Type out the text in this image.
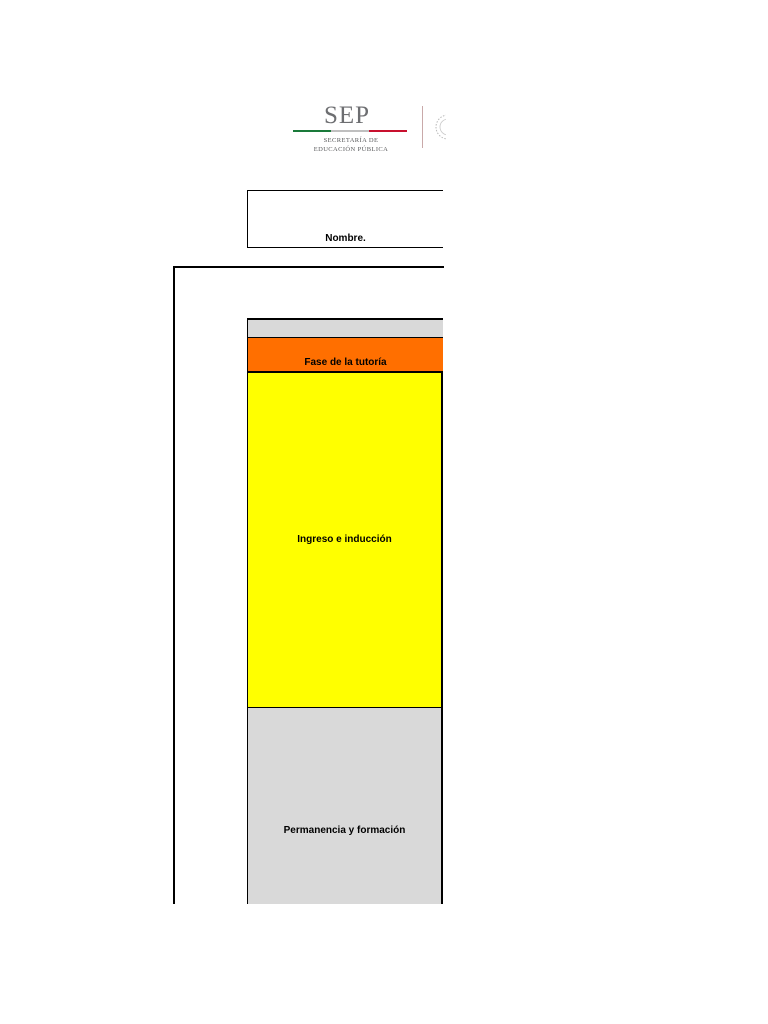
SEP
SECRETARÍA DE
EDUCACIÓN PÚBLICA
Nombre.
Fase de la tutoría
Ingreso e inducción
Permanencia y formación
